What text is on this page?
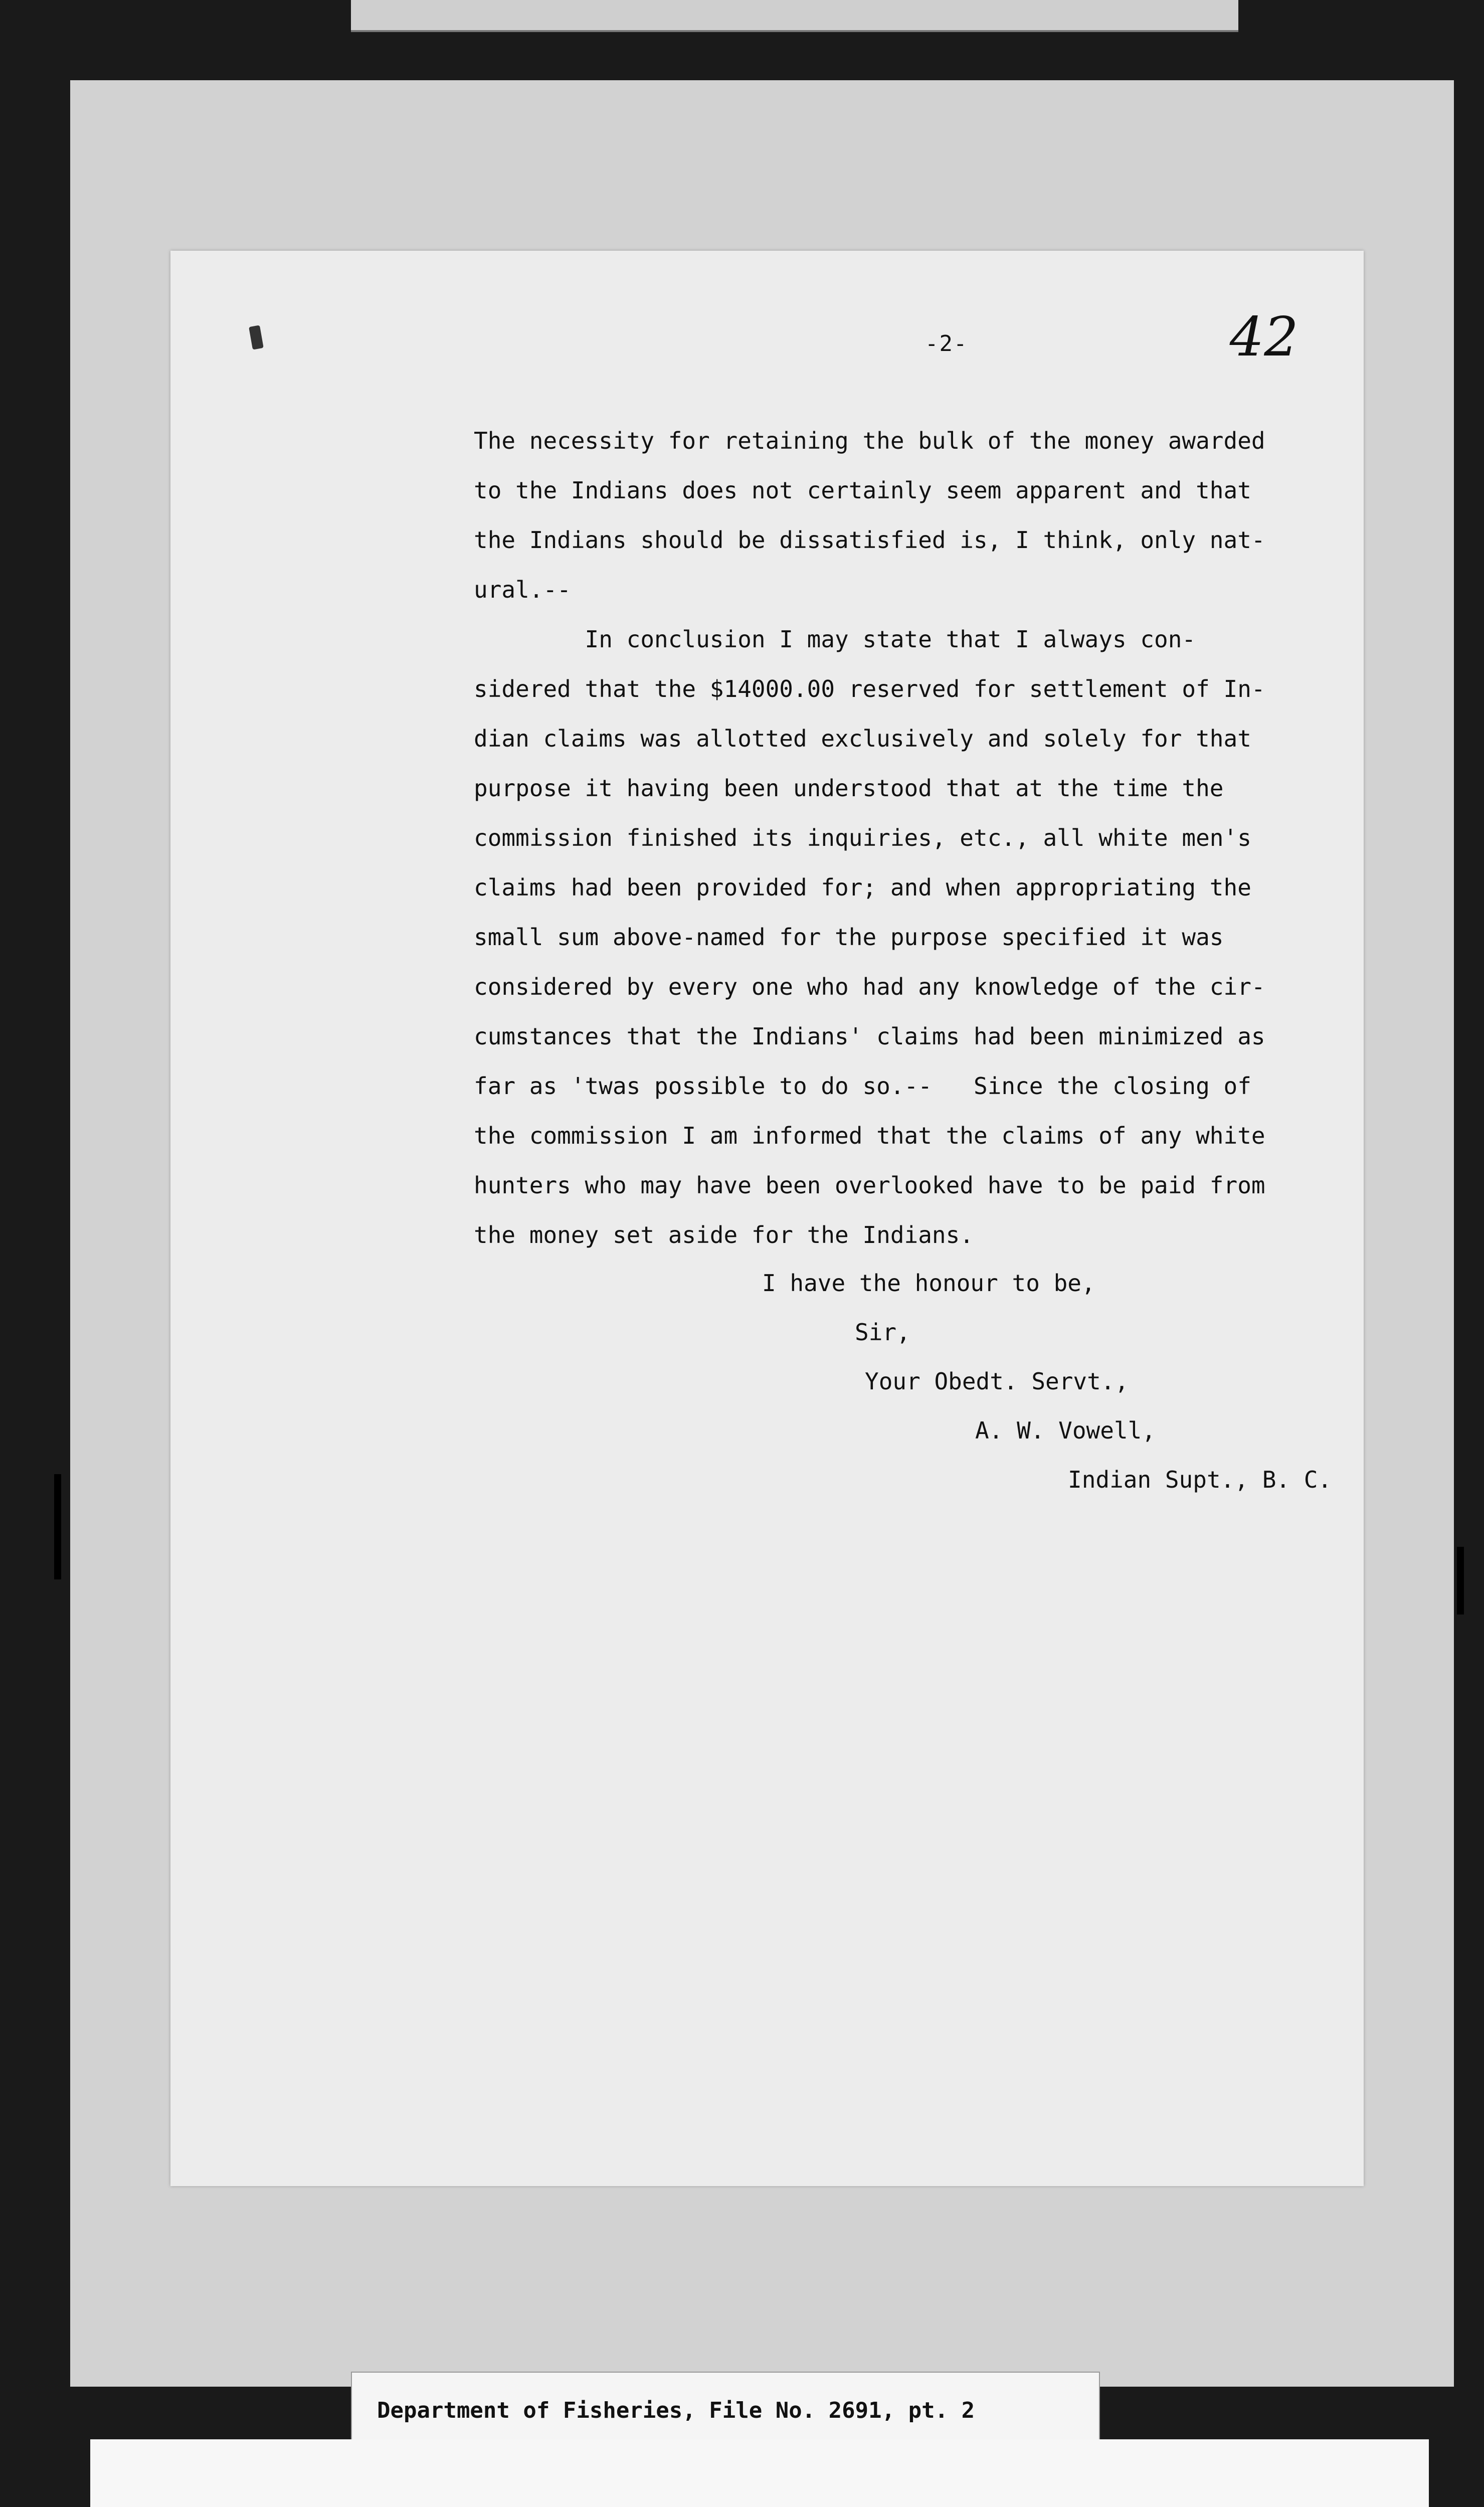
-2-	42
The necessity for retaining the bulk of the money awarded
to the Indians does not certainly seem apparent and that
the Indians should be dissatisfied is, I think, only nat-
ural.--
In conclusion I may state that I always con-
sidered that the $14000.00 reserved for settlement of In-
dian claims was allotted exclusively and solely for that
purpose it having been understood that at the time the
commission finished its inquiries, etc., all white men's
claims had been provided for; and when appropriating the
small sum above-named for the purpose specified it was
considered by every one who had any knowledge of the cir-
cumstances that the Indians' claims had been minimized as
far as 'twas possible to do so.--   Since the closing of
the commission I am informed that the claims of any white
hunters who may have been overlooked have to be paid from
the money set aside for the Indians.
I have the honour to be,
Sir,
Your Obedt. Servt.,
A. W. Vowell,
Indian Supt., B. C.
Department of Fisheries, File No. 2691, pt. 2
